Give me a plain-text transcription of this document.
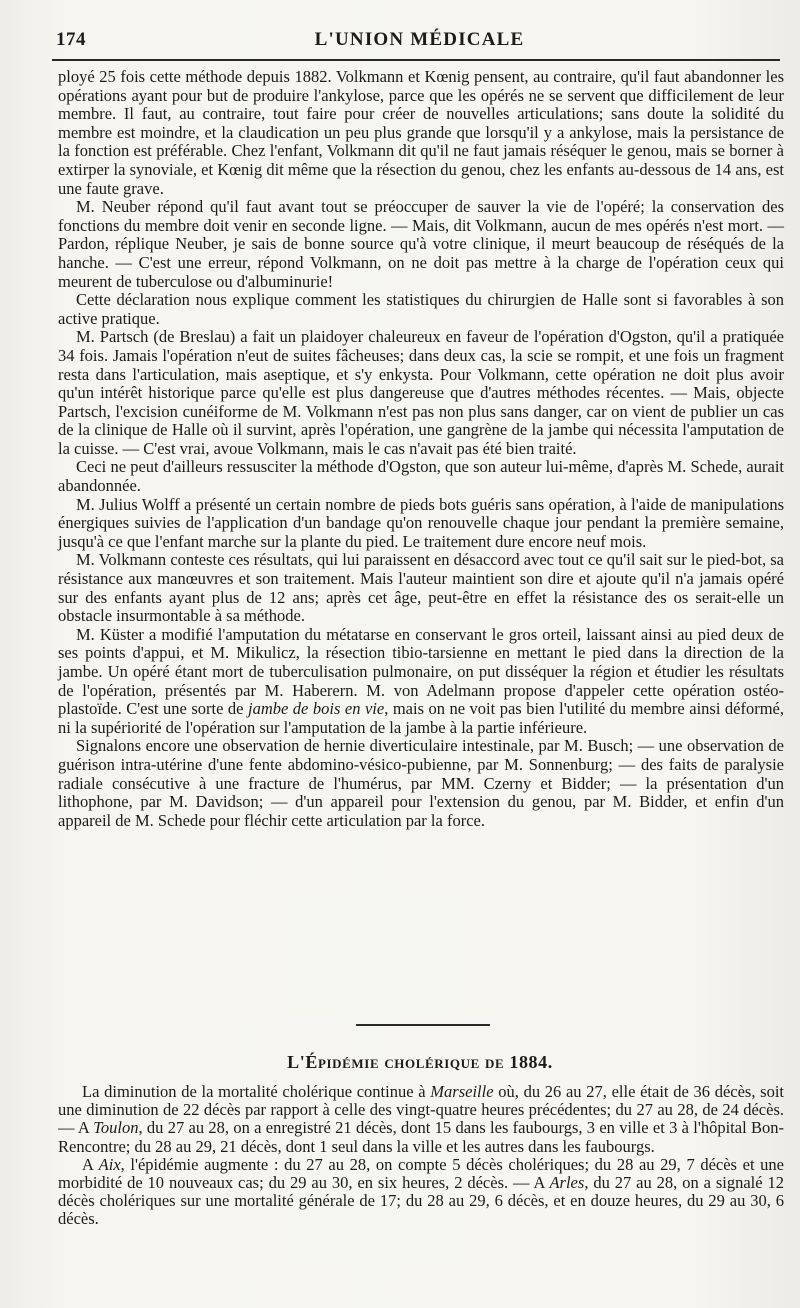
174	L'UNION MÉDICALE

ployé 25 fois cette méthode depuis 1882. Volkmann et Kœnig pensent, au contraire, qu'il faut abandonner les opérations ayant pour but de produire l'ankylose, parce que les opérés ne se servent que difficilement de leur membre. Il faut, au contraire, tout faire pour créer de nouvelles articulations; sans doute la solidité du membre est moindre, et la claudication un peu plus grande que lorsqu'il y a ankylose, mais la persistance de la fonction est préférable. Chez l'enfant, Volkmann dit qu'il ne faut jamais réséquer le genou, mais se borner à extirper la synoviale, et Kœnig dit même que la résection du genou, chez les enfants au-dessous de 14 ans, est une faute grave.

M. Neuber répond qu'il faut avant tout se préoccuper de sauver la vie de l'opéré; la conservation des fonctions du membre doit venir en seconde ligne. — Mais, dit Volkmann, aucun de mes opérés n'est mort. — Pardon, réplique Neuber, je sais de bonne source qu'à votre clinique, il meurt beaucoup de réséqués de la hanche. — C'est une erreur, répond Volkmann, on ne doit pas mettre à la charge de l'opération ceux qui meurent de tuberculose ou d'albuminurie!

Cette déclaration nous explique comment les statistiques du chirurgien de Halle sont si favorables à son active pratique.

M. Partsch (de Breslau) a fait un plaidoyer chaleureux en faveur de l'opération d'Ogston, qu'il a pratiquée 34 fois. Jamais l'opération n'eut de suites fâcheuses; dans deux cas, la scie se rompit, et une fois un fragment resta dans l'articulation, mais aseptique, et s'y enkysta. Pour Volkmann, cette opération ne doit plus avoir qu'un intérêt historique parce qu'elle est plus dangereuse que d'autres méthodes récentes. — Mais, objecte Partsch, l'excision cunéiforme de M. Volkmann n'est pas non plus sans danger, car on vient de publier un cas de la clinique de Halle où il survint, après l'opération, une gangrène de la jambe qui nécessita l'amputation de la cuisse. — C'est vrai, avoue Volkmann, mais le cas n'avait pas été bien traité.

Ceci ne peut d'ailleurs ressusciter la méthode d'Ogston, que son auteur lui-même, d'après M. Schede, aurait abandonnée.

M. Julius Wolff a présenté un certain nombre de pieds bots guéris sans opération, à l'aide de manipulations énergiques suivies de l'application d'un bandage qu'on renouvelle chaque jour pendant la première semaine, jusqu'à ce que l'enfant marche sur la plante du pied. Le traitement dure encore neuf mois.

M. Volkmann conteste ces résultats, qui lui paraissent en désaccord avec tout ce qu'il sait sur le pied-bot, sa résistance aux manœuvres et son traitement. Mais l'auteur maintient son dire et ajoute qu'il n'a jamais opéré sur des enfants ayant plus de 12 ans; après cet âge, peut-être en effet la résistance des os serait-elle un obstacle insurmontable à sa méthode.

M. Küster a modifié l'amputation du métatarse en conservant le gros orteil, laissant ainsi au pied deux de ses points d'appui, et M. Mikulicz, la résection tibio-tarsienne en mettant le pied dans la direction de la jambe. Un opéré étant mort de tuberculisation pulmonaire, on put disséquer la région et étudier les résultats de l'opération, présentés par M. Haberern. M. von Adelmann propose d'appeler cette opération ostéo-plastoïde. C'est une sorte de jambe de bois en vie, mais on ne voit pas bien l'utilité du membre ainsi déformé, ni la supériorité de l'opération sur l'amputation de la jambe à la partie inférieure.

Signalons encore une observation de hernie diverticulaire intestinale, par M. Busch; — une observation de guérison intra-utérine d'une fente abdomino-vésico-pubienne, par M. Sonnenburg; — des faits de paralysie radiale consécutive à une fracture de l'humérus, par MM. Czerny et Bidder; — la présentation d'un lithophone, par M. Davidson; — d'un appareil pour l'extension du genou, par M. Bidder, et enfin d'un appareil de M. Schede pour fléchir cette articulation par la force.

L'Épidémie cholérique de 1884.

La diminution de la mortalité cholérique continue à Marseille où, du 26 au 27, elle était de 36 décès, soit une diminution de 22 décès par rapport à celle des vingt-quatre heures précédentes; du 27 au 28, de 24 décès. — A Toulon, du 27 au 28, on a enregistré 21 décès, dont 15 dans les faubourgs, 3 en ville et 3 à l'hôpital Bon-Rencontre; du 28 au 29, 21 décès, dont 1 seul dans la ville et les autres dans les faubourgs.

A Aix, l'épidémie augmente : du 27 au 28, on compte 5 décès cholériques; du 28 au 29, 7 décès et une morbidité de 10 nouveaux cas; du 29 au 30, en six heures, 2 décès. — A Arles, du 27 au 28, on a signalé 12 décès cholériques sur une mortalité générale de 17; du 28 au 29, 6 décès, et en douze heures, du 29 au 30, 6 décès.
